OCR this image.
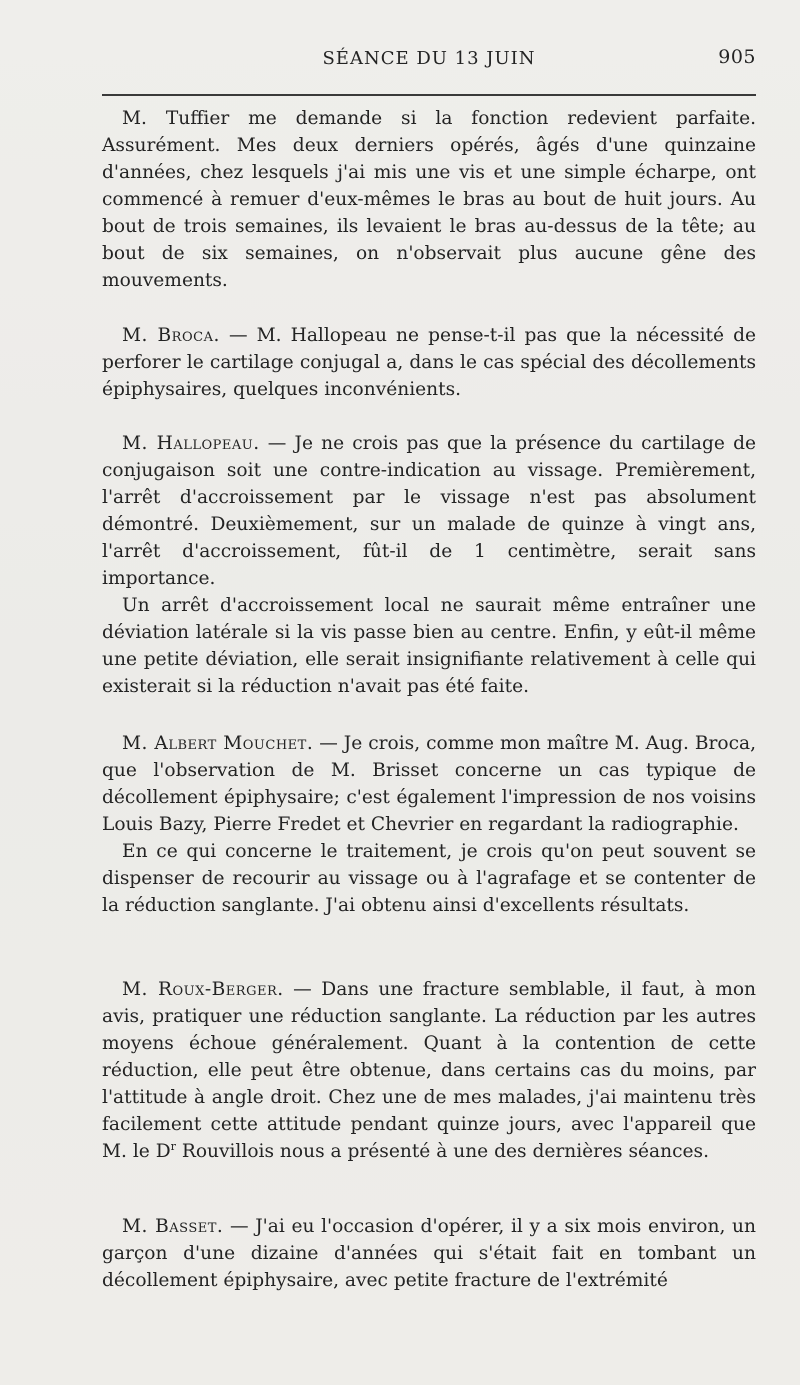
SÉANCE DU 13 JUIN	905

M. Tuffier me demande si la fonction redevient parfaite. Assurément. Mes deux derniers opérés, âgés d'une quinzaine d'années, chez lesquels j'ai mis une vis et une simple écharpe, ont commencé à remuer d'eux-mêmes le bras au bout de huit jours. Au bout de trois semaines, ils levaient le bras au-dessus de la tête; au bout de six semaines, on n'observait plus aucune gêne des mouvements.

M. Broca. — M. Hallopeau ne pense-t-il pas que la nécessité de perforer le cartilage conjugal a, dans le cas spécial des décollements épiphysaires, quelques inconvénients.

M. Hallopeau. — Je ne crois pas que la présence du cartilage de conjugaison soit une contre-indication au vissage. Premièrement, l'arrêt d'accroissement par le vissage n'est pas absolument démontré. Deuxièmement, sur un malade de quinze à vingt ans, l'arrêt d'accroissement, fût-il de 1 centimètre, serait sans importance.

Un arrêt d'accroissement local ne saurait même entraîner une déviation latérale si la vis passe bien au centre. Enfin, y eût-il même une petite déviation, elle serait insignifiante relativement à celle qui existerait si la réduction n'avait pas été faite.

M. Albert Mouchet. — Je crois, comme mon maître M. Aug. Broca, que l'observation de M. Brisset concerne un cas typique de décollement épiphysaire; c'est également l'impression de nos voisins Louis Bazy, Pierre Fredet et Chevrier en regardant la radiographie.

En ce qui concerne le traitement, je crois qu'on peut souvent se dispenser de recourir au vissage ou à l'agrafage et se contenter de la réduction sanglante. J'ai obtenu ainsi d'excellents résultats.

M. Roux-Berger. — Dans une fracture semblable, il faut, à mon avis, pratiquer une réduction sanglante. La réduction par les autres moyens échoue généralement. Quant à la contention de cette réduction, elle peut être obtenue, dans certains cas du moins, par l'attitude à angle droit. Chez une de mes malades, j'ai maintenu très facilement cette attitude pendant quinze jours, avec l'appareil que M. le $D^r$ Rouvillois nous a présenté à une des dernières séances.

M. Basset. — J'ai eu l'occasion d'opérer, il y a six mois environ, un garçon d'une dizaine d'années qui s'était fait en tombant un décollement épiphysaire, avec petite fracture de l'extrémité
